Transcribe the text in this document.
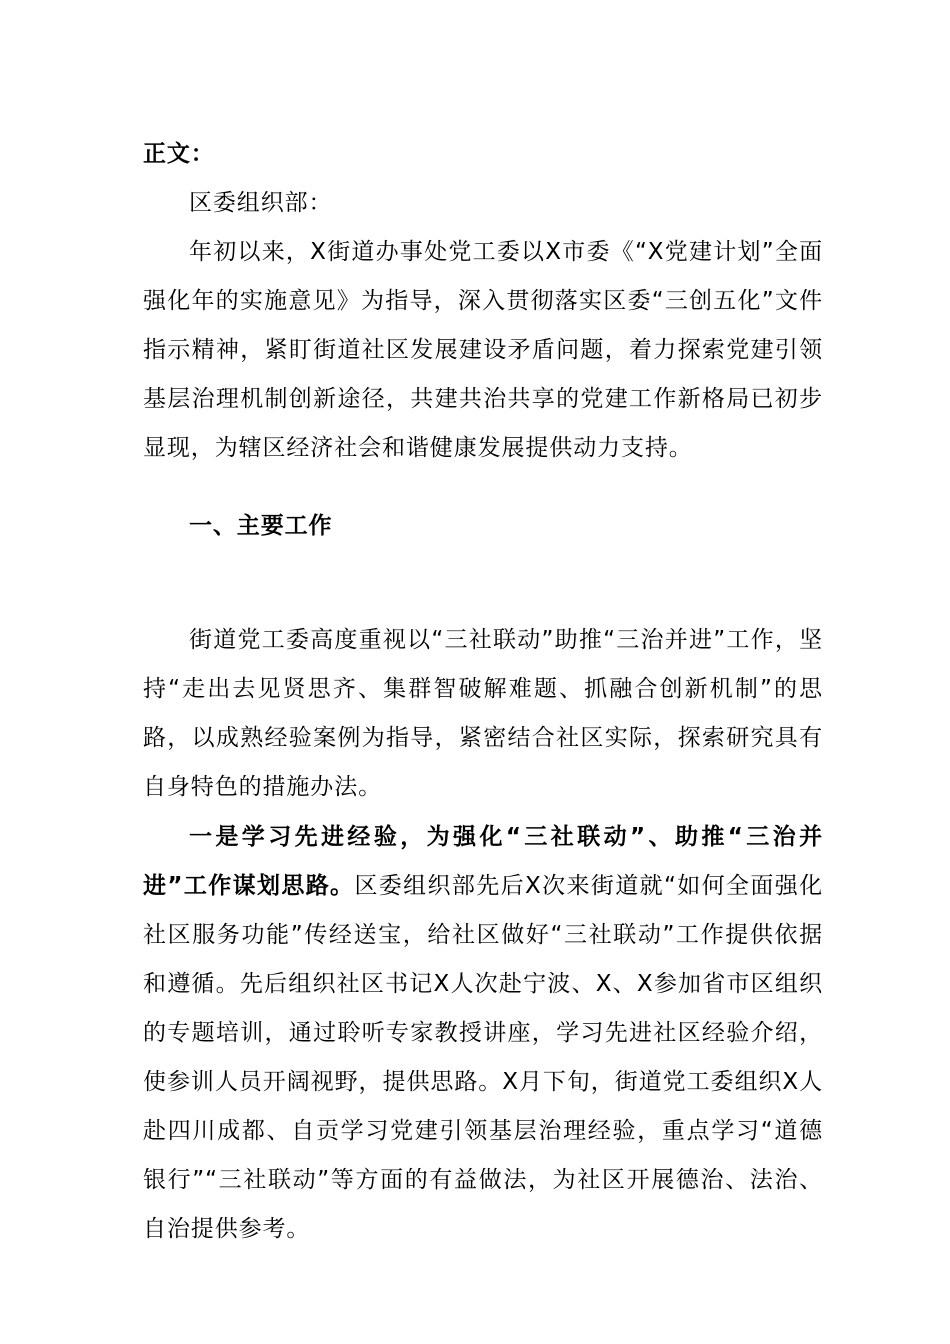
正文：

区委组织部：

年初以来，X街道办事处党工委以X市委《“X党建计划”全面强化年的实施意见》为指导，深入贯彻落实区委“三创五化”文件指示精神，紧盯街道社区发展建设矛盾问题，着力探索党建引领基层治理机制创新途径，共建共治共享的党建工作新格局已初步显现，为辖区经济社会和谐健康发展提供动力支持。

一、主要工作

街道党工委高度重视以“三社联动”助推“三治并进”工作，坚持“走出去见贤思齐、集群智破解难题、抓融合创新机制”的思路，以成熟经验案例为指导，紧密结合社区实际，探索研究具有自身特色的措施办法。

一是学习先进经验，为强化“三社联动”、助推“三治并进”工作谋划思路。区委组织部先后X次来街道就“如何全面强化社区服务功能”传经送宝，给社区做好“三社联动”工作提供依据和遵循。先后组织社区书记X人次赴宁波、X、X参加省市区组织的专题培训，通过聆听专家教授讲座，学习先进社区经验介绍，使参训人员开阔视野，提供思路。X月下旬，街道党工委组织X人赴四川成都、自贡学习党建引领基层治理经验，重点学习“道德银行”“三社联动”等方面的有益做法，为社区开展德治、法治、自治提供参考。
